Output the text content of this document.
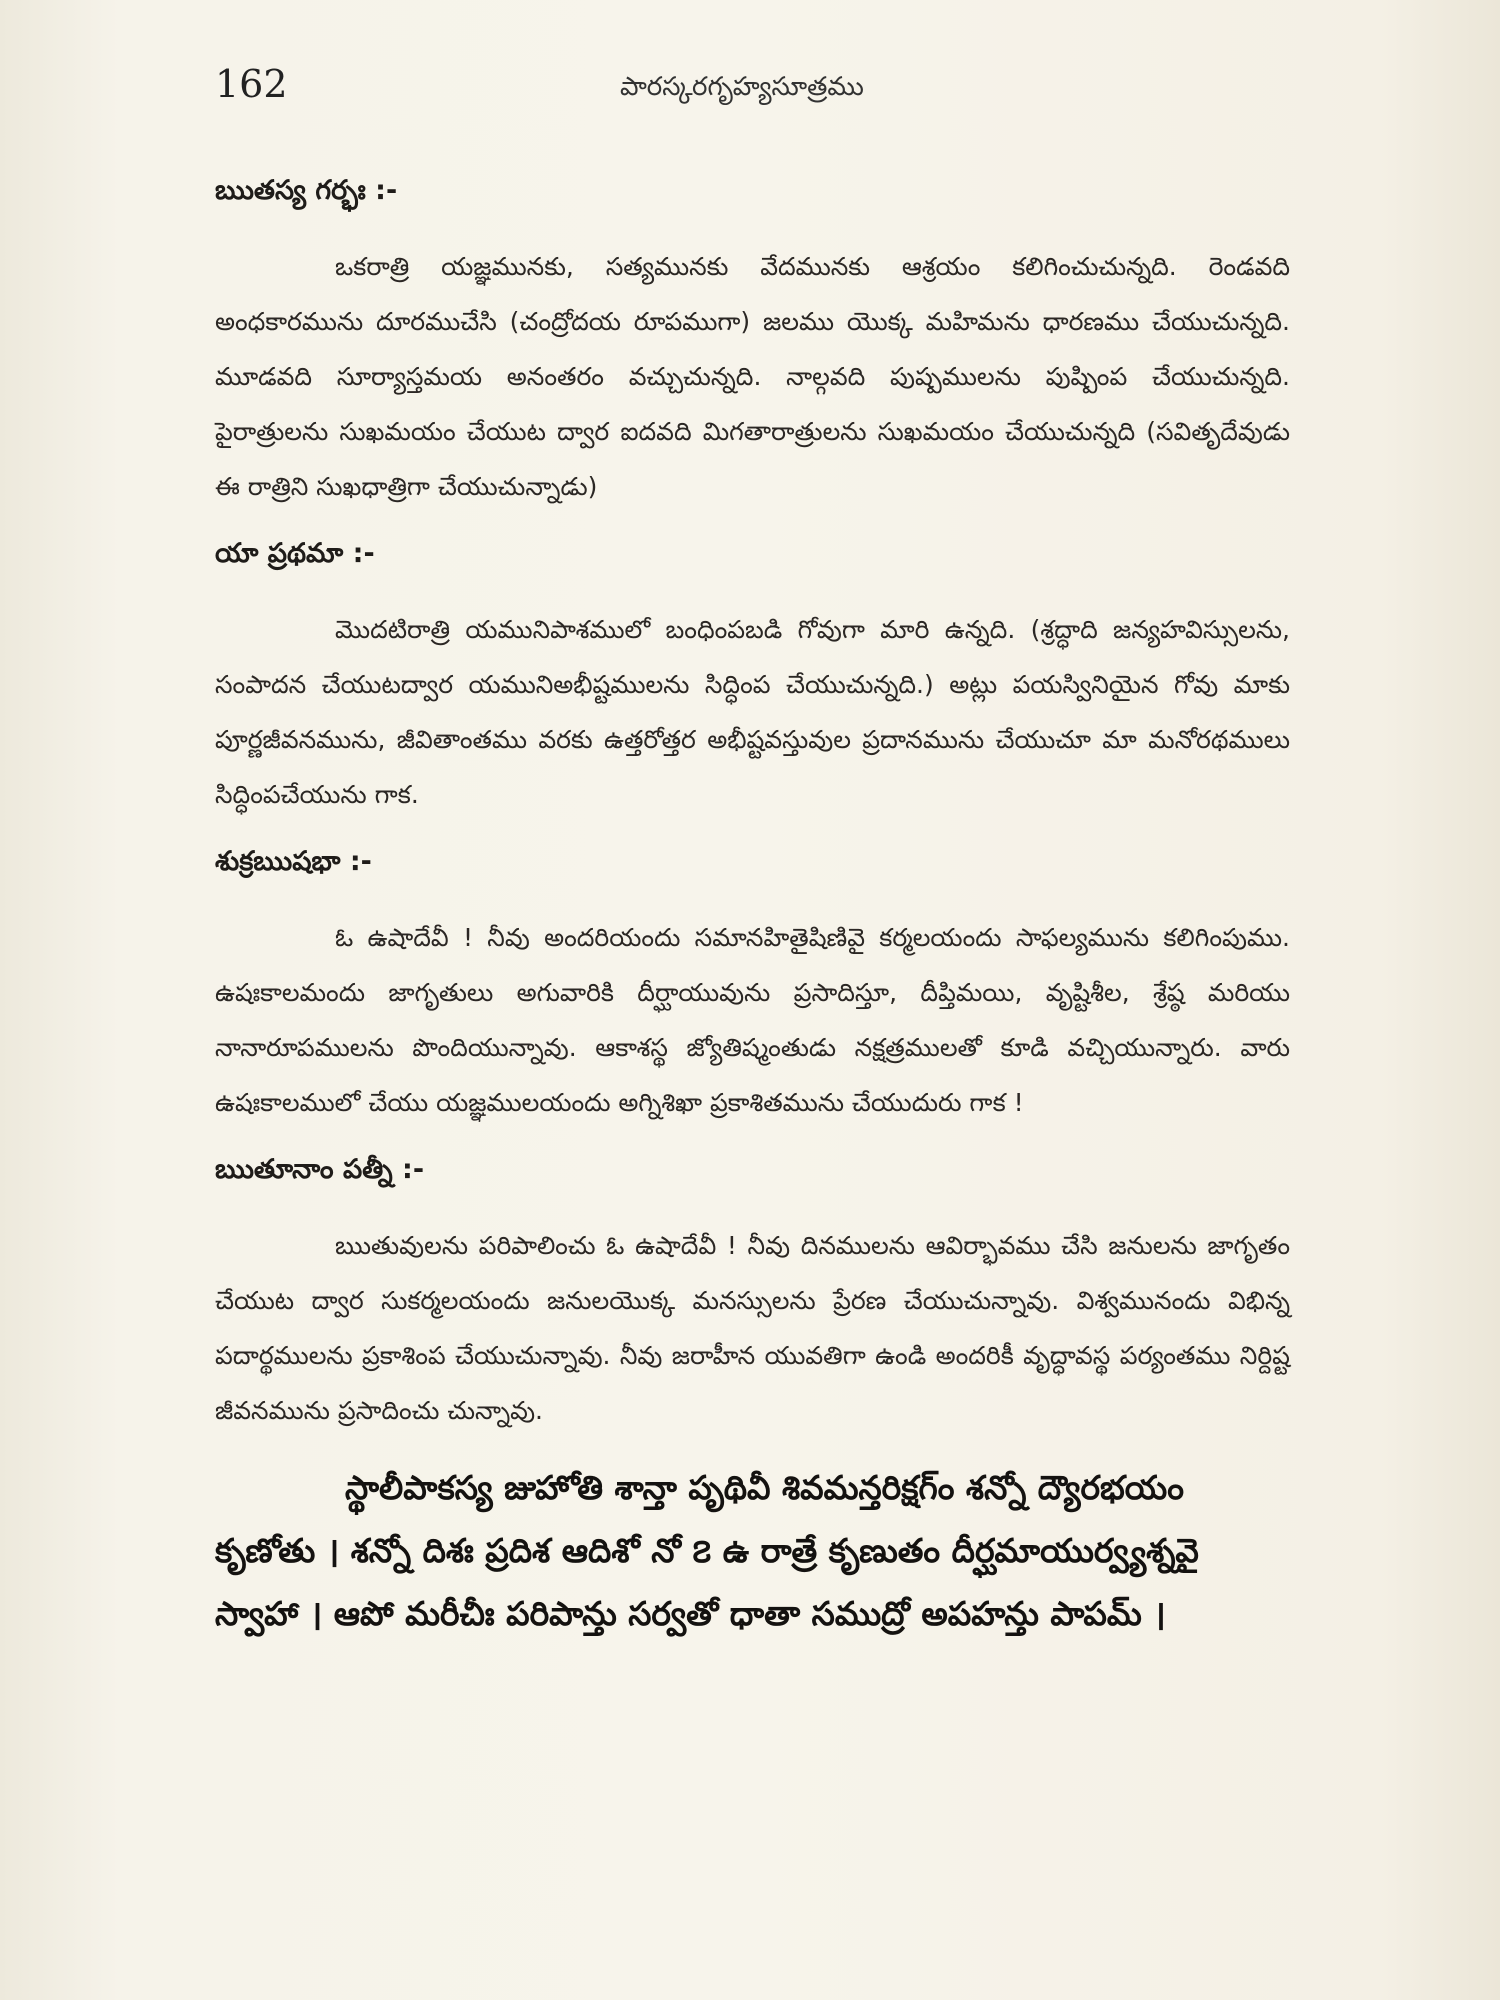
162	పారస్కరగృహ్యసూత్రము
ఋతస్య గర్భః :-

ఒకరాత్రి యజ్ఞమునకు, సత్యమునకు వేదమునకు ఆశ్రయం కలిగించుచున్నది. రెండవది అంధకారమును దూరముచేసి (చంద్రోదయ రూపముగా) జలము యొక్క మహిమను ధారణము చేయుచున్నది. మూడవది సూర్యాస్తమయ అనంతరం వచ్చుచున్నది. నాల్గవది పుష్పములను పుష్పింప చేయుచున్నది. పైరాత్రులను సుఖమయం చేయుట ద్వార ఐదవది మిగతారాత్రులను సుఖమయం చేయుచున్నది (సవితృదేవుడు ఈ రాత్రిని సుఖధాత్రిగా చేయుచున్నాడు)

యా ప్రథమా :-

మొదటిరాత్రి యమునిపాశములో బంధింపబడి గోవుగా మారి ఉన్నది. (శ్రద్ధాది జన్యహవిస్సులను, సంపాదన చేయుటద్వార యమునిఅభీష్టములను సిద్ధింప చేయుచున్నది.) అట్లు పయస్వినియైన గోవు మాకు పూర్ణజీవనమును, జీవితాంతము వరకు ఉత్తరోత్తర అభీష్టవస్తువుల ప్రదానమును చేయుచూ మా మనోరథములు సిద్ధింపచేయును గాక.

శుక్రఋషభా :-

ఓ ఉషాదేవీ ! నీవు అందరియందు సమానహితైషిణివై కర్మలయందు సాఫల్యమును కలిగింపుము. ఉషఃకాలమందు జాగృతులు అగువారికి దీర్ఘాయువును ప్రసాదిస్తూ, దీప్తిమయి, వృష్టిశీల, శ్రేష్ఠ మరియు నానారూపములను పొందియున్నావు. ఆకాశస్థ జ్యోతిష్మంతుడు నక్షత్రములతో కూడి వచ్చియున్నారు. వారు ఉషఃకాలములో చేయు యజ్ఞములయందు అగ్నిశిఖా ప్రకాశితమును చేయుదురు గాక !

ఋతూనాం పత్నీ :-

ఋతువులను పరిపాలించు ఓ ఉషాదేవీ ! నీవు దినములను ఆవిర్భావము చేసి జనులను జాగృతం చేయుట ద్వార సుకర్మలయందు జనులయొక్క మనస్సులను ప్రేరణ చేయుచున్నావు. విశ్వమునందు విభిన్న పదార్థములను ప్రకాశింప చేయుచున్నావు. నీవు జరాహీన యువతిగా ఉండి అందరికీ వృద్ధావస్థ పర్యంతము నిర్దిష్ట జీవనమును ప్రసాదించు చున్నావు.

స్థాలీపాకస్య జుహోతి శాన్తా పృథివీ శివమన్తరిక్షగ్ం శన్నో ద్యౌరభయం
కృణోతు । శన్నో దిశః ప్రదిశ ఆదిశో నో ౭ ఉ రాత్రే కృణుతం దీర్ఘమాయుర్వ్యశ్నవై
స్వాహా । ఆపో మరీచీః పరిపాన్తు సర్వతో ధాతా సముద్రో అపహన్తు పాపమ్ ।
